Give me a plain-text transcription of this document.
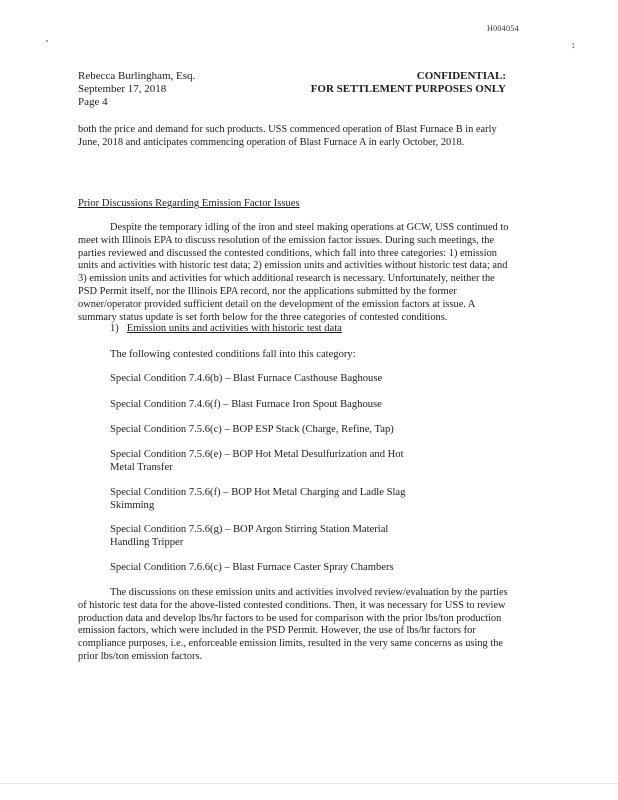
H004054
↕
Rebecca Burlingham, Esq.
September 17, 2018
Page 4
CONFIDENTIAL:
FOR SETTLEMENT PURPOSES ONLY

both the price and demand for such products. USS commenced operation of Blast Furnace B in early June, 2018 and anticipates commencing operation of Blast Furnace A in early October, 2018.

Prior Discussions Regarding Emission Factor Issues

Despite the temporary idling of the iron and steel making operations at GCW, USS continued to meet with Illinois EPA to discuss resolution of the emission factor issues. During such meetings, the parties reviewed and discussed the contested conditions, which fall into three categories: 1) emission units and activities with historic test data; 2) emission units and activities without historic test data; and 3) emission units and activities for which additional research is necessary. Unfortunately, neither the PSD Permit itself, nor the Illinois EPA record, nor the applications submitted by the former owner/operator provided sufficient detail on the development of the emission factors at issue. A summary status update is set forth below for the three categories of contested conditions.

1) Emission units and activities with historic test data
The following contested conditions fall into this category:
Special Condition 7.4.6(b) – Blast Furnace Casthouse Baghouse
Special Condition 7.4.6(f) – Blast Furnace Iron Spout Baghouse
Special Condition 7.5.6(c) – BOP ESP Stack (Charge, Refine, Tap)
Special Condition 7.5.6(e) – BOP Hot Metal Desulfurization and Hot Metal Transfer
Special Condition 7.5.6(f) – BOP Hot Metal Charging and Ladle Slag Skimming
Special Condition 7.5.6(g) – BOP Argon Stirring Station Material Handling Tripper
Special Condition 7.6.6(c) – Blast Furnace Caster Spray Chambers

The discussions on these emission units and activities involved review/evaluation by the parties of historic test data for the above-listed contested conditions. Then, it was necessary for USS to review production data and develop lbs/hr factors to be used for comparison with the prior lbs/ton production emission factors, which were included in the PSD Permit. However, the use of lbs/hr factors for compliance purposes, i.e., enforceable emission limits, resulted in the very same concerns as using the prior lbs/ton emission factors.
